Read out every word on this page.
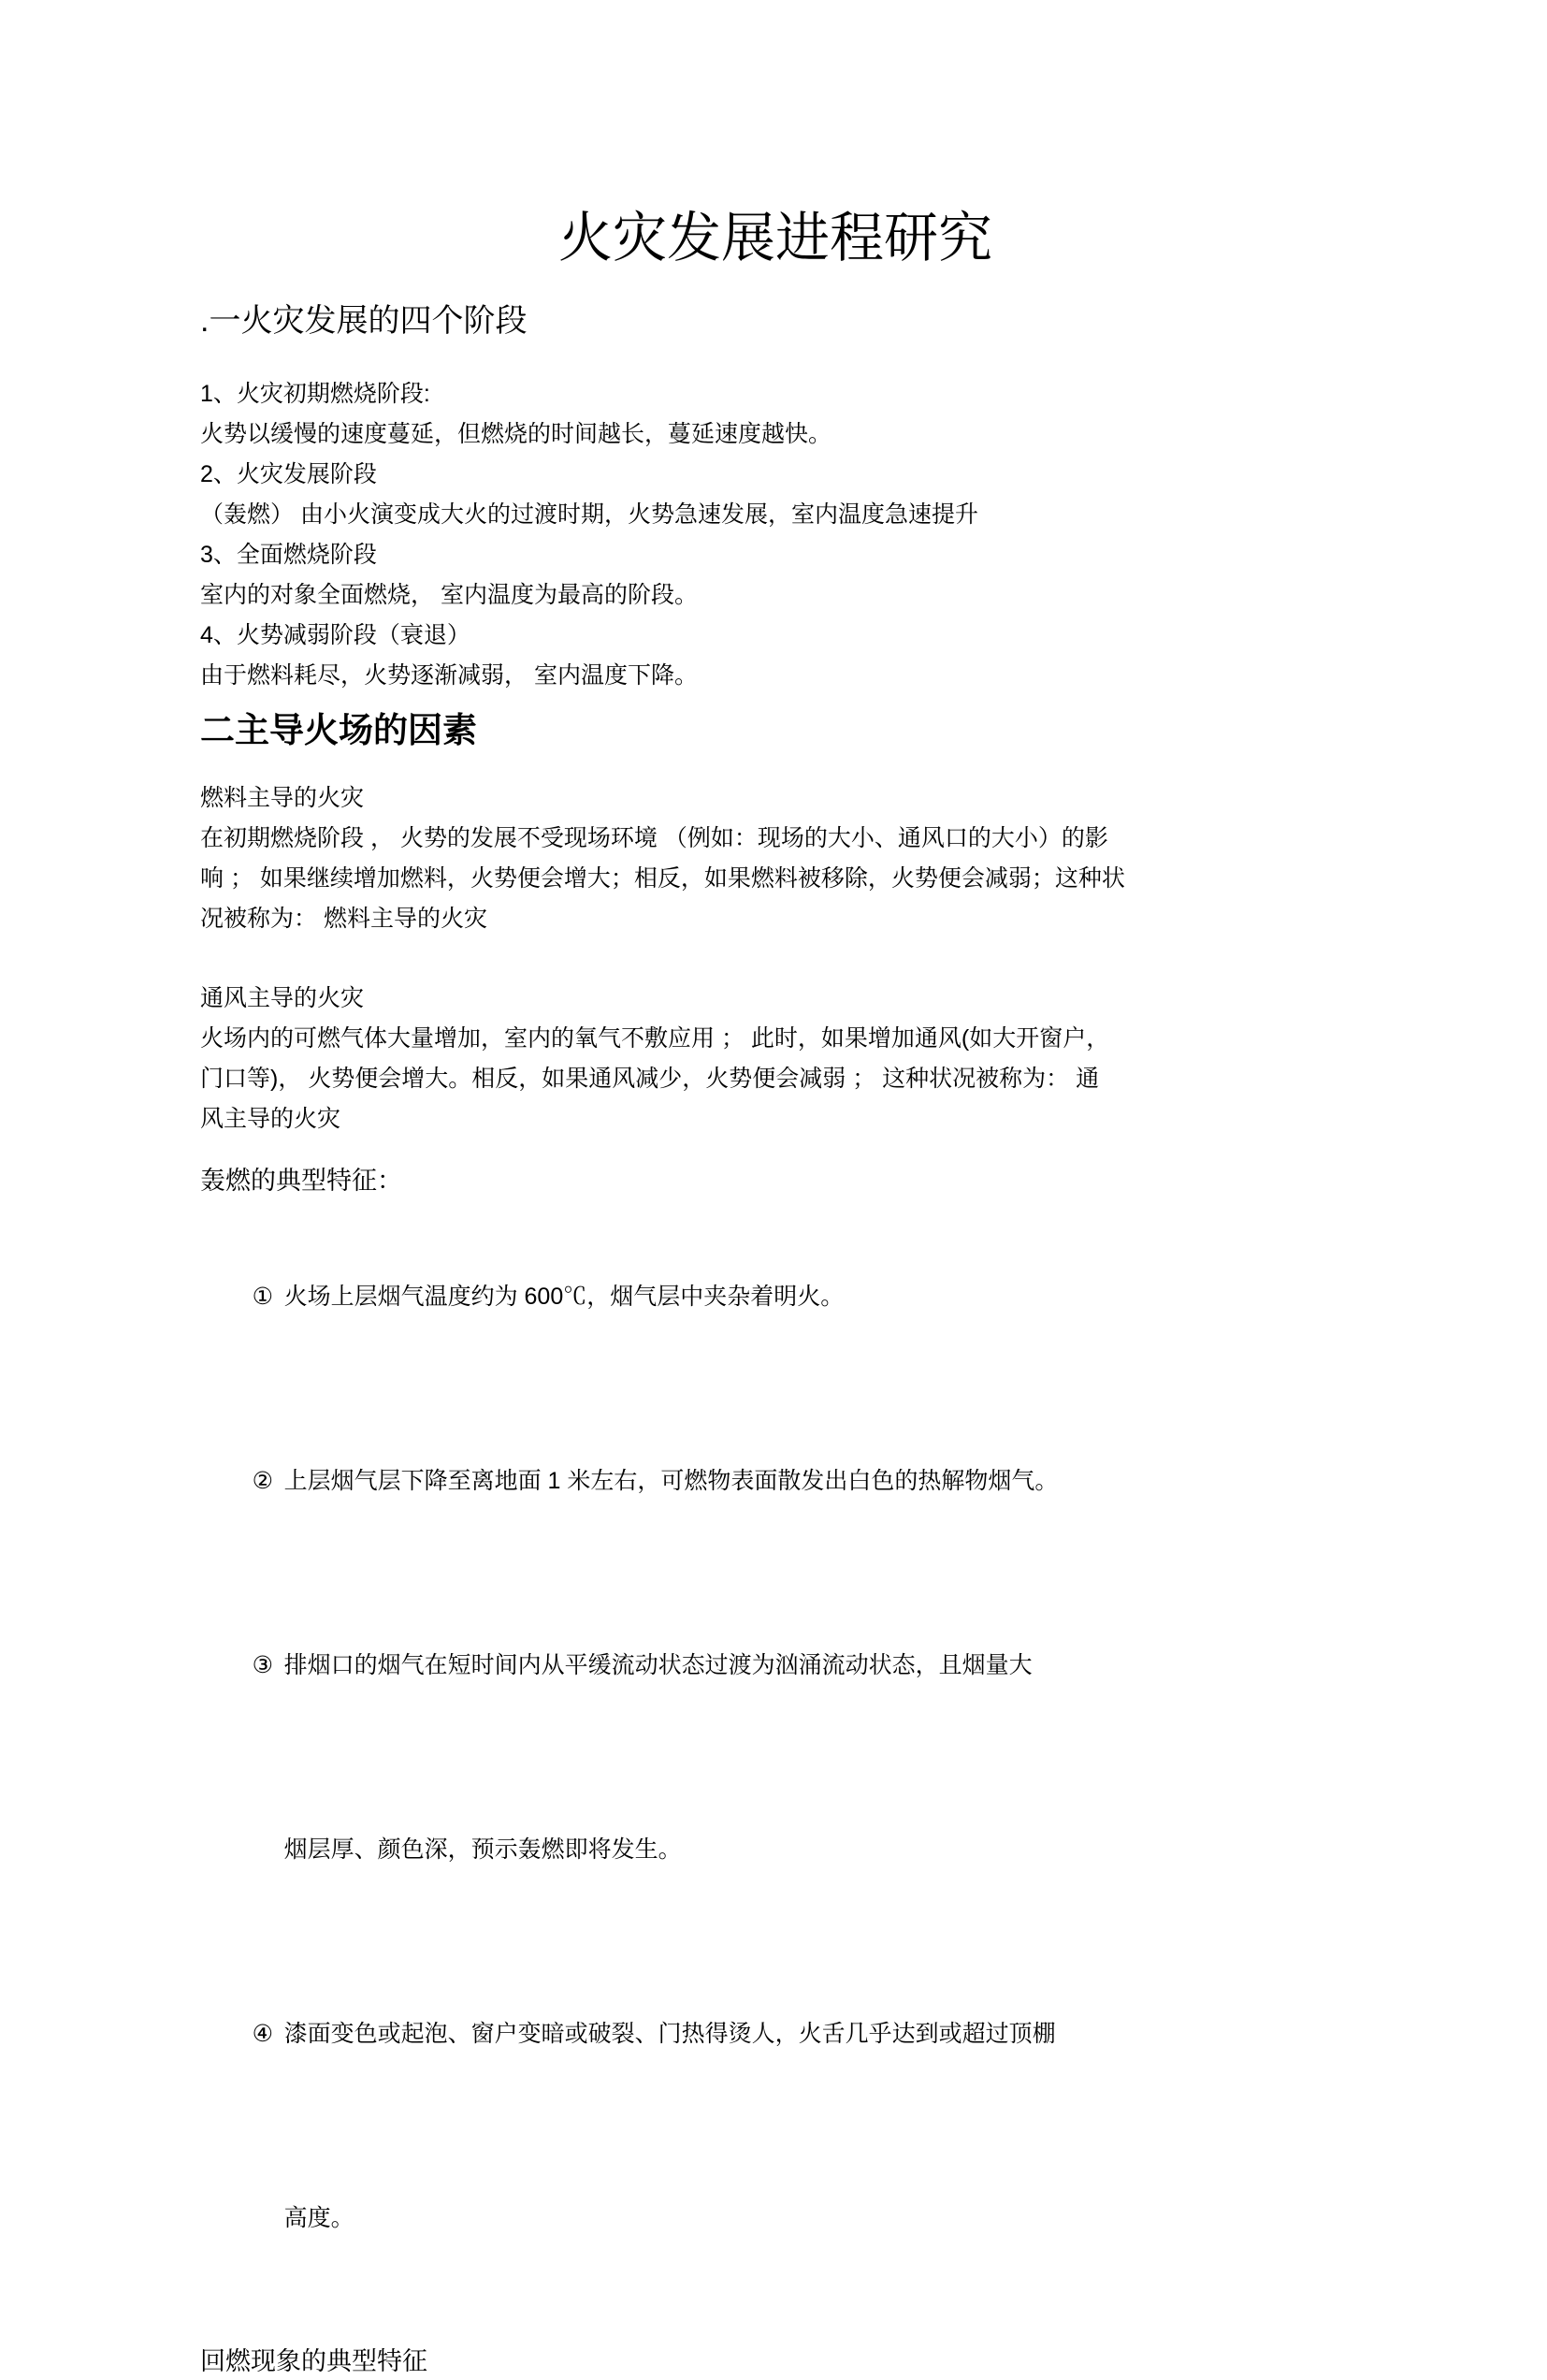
火灾发展进程研究
.一火灾发展的四个阶段

1、火灾初期燃烧阶段:

火势以缓慢的速度蔓延，但燃烧的时间越长，蔓延速度越快。

2、火灾发展阶段

（轰燃） 由小火演变成大火的过渡时期，火势急速发展，室内温度急速提升

3、全面燃烧阶段

室内的对象全面燃烧， 室内温度为最高的阶段。

4、火势减弱阶段（衰退）

由于燃料耗尽，火势逐渐减弱， 室内温度下降。

二主导火场的因素

燃料主导的火灾

在初期燃烧阶段 ， 火势的发展不受现场环境 （例如：现场的大小、通风口的大小）的影

响 ； 如果继续增加燃料，火势便会增大；相反，如果燃料被移除，火势便会减弱；这种状

况被称为： 燃料主导的火灾

通风主导的火灾

火场内的可燃气体大量增加，室内的氧气不敷应用 ； 此时，如果增加通风(如大开窗户，

门口等)， 火势便会增大。相反，如果通风减少，火势便会减弱 ； 这种状况被称为： 通

风主导的火灾

轰燃的典型特征：

① 火场上层烟气温度约为 600℃，烟气层中夹杂着明火。

② 上层烟气层下降至离地面 1 米左右，可燃物表面散发出白色的热解物烟气。

③ 排烟口的烟气在短时间内从平缓流动状态过渡为汹涌流动状态，且烟量大

烟层厚、颜色深，预示轰燃即将发生。

④ 漆面变色或起泡、窗户变暗或破裂、门热得烫人，火舌几乎达到或超过顶棚

高度。

回燃现象的典型特征
